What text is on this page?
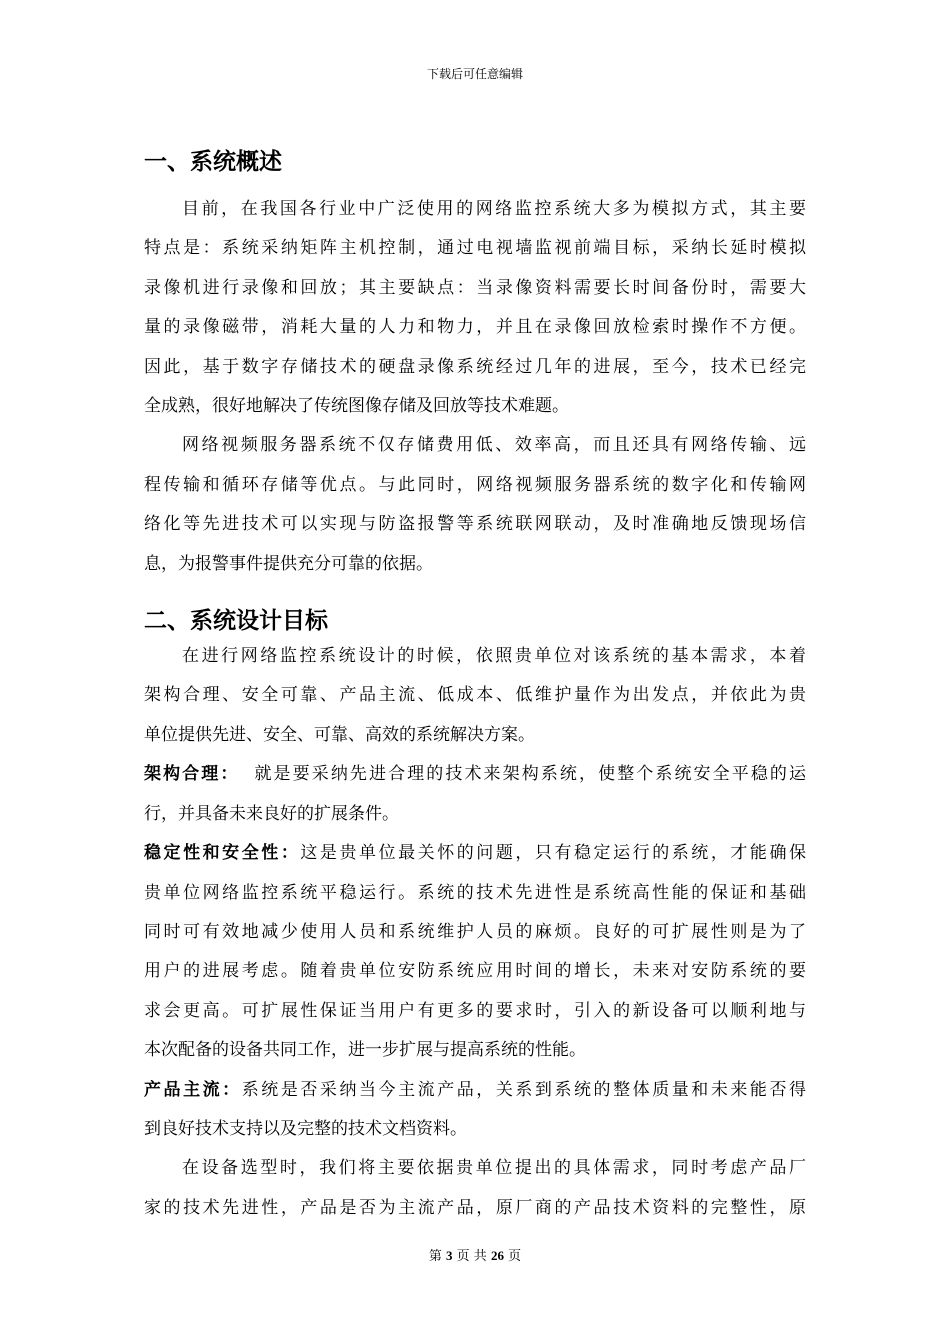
下载后可任意编辑
一、系统概述
目前，在我国各行业中广泛使用的网络监控系统大多为模拟方式，其主要
特点是：系统采纳矩阵主机控制，通过电视墙监视前端目标，采纳长延时模拟
录像机进行录像和回放；其主要缺点：当录像资料需要长时间备份时，需要大
量的录像磁带，消耗大量的人力和物力，并且在录像回放检索时操作不方便。
因此，基于数字存储技术的硬盘录像系统经过几年的进展，至今，技术已经完
全成熟，很好地解决了传统图像存储及回放等技术难题。
网络视频服务器系统不仅存储费用低、效率高，而且还具有网络传输、远
程传输和循环存储等优点。与此同时，网络视频服务器系统的数字化和传输网
络化等先进技术可以实现与防盗报警等系统联网联动，及时准确地反馈现场信
息，为报警事件提供充分可靠的依据。
二、系统设计目标
在进行网络监控系统设计的时候，依照贵单位对该系统的基本需求，本着
架构合理、安全可靠、产品主流、低成本、低维护量作为出发点，并依此为贵
单位提供先进、安全、可靠、高效的系统解决方案。
架构合理：  就是要采纳先进合理的技术来架构系统，使整个系统安全平稳的运
行，并具备未来良好的扩展条件。
稳定性和安全性：这是贵单位最关怀的问题，只有稳定运行的系统，才能确保
贵单位网络监控系统平稳运行。系统的技术先进性是系统高性能的保证和基础
同时可有效地减少使用人员和系统维护人员的麻烦。良好的可扩展性则是为了
用户的进展考虑。随着贵单位安防系统应用时间的增长，未来对安防系统的要
求会更高。可扩展性保证当用户有更多的要求时，引入的新设备可以顺利地与
本次配备的设备共同工作，进一步扩展与提高系统的性能。
产品主流：系统是否采纳当今主流产品，关系到系统的整体质量和未来能否得
到良好技术支持以及完整的技术文档资料。
在设备选型时，我们将主要依据贵单位提出的具体需求，同时考虑产品厂
家的技术先进性，产品是否为主流产品，原厂商的产品技术资料的完整性，原
第 3 页 共 26 页
